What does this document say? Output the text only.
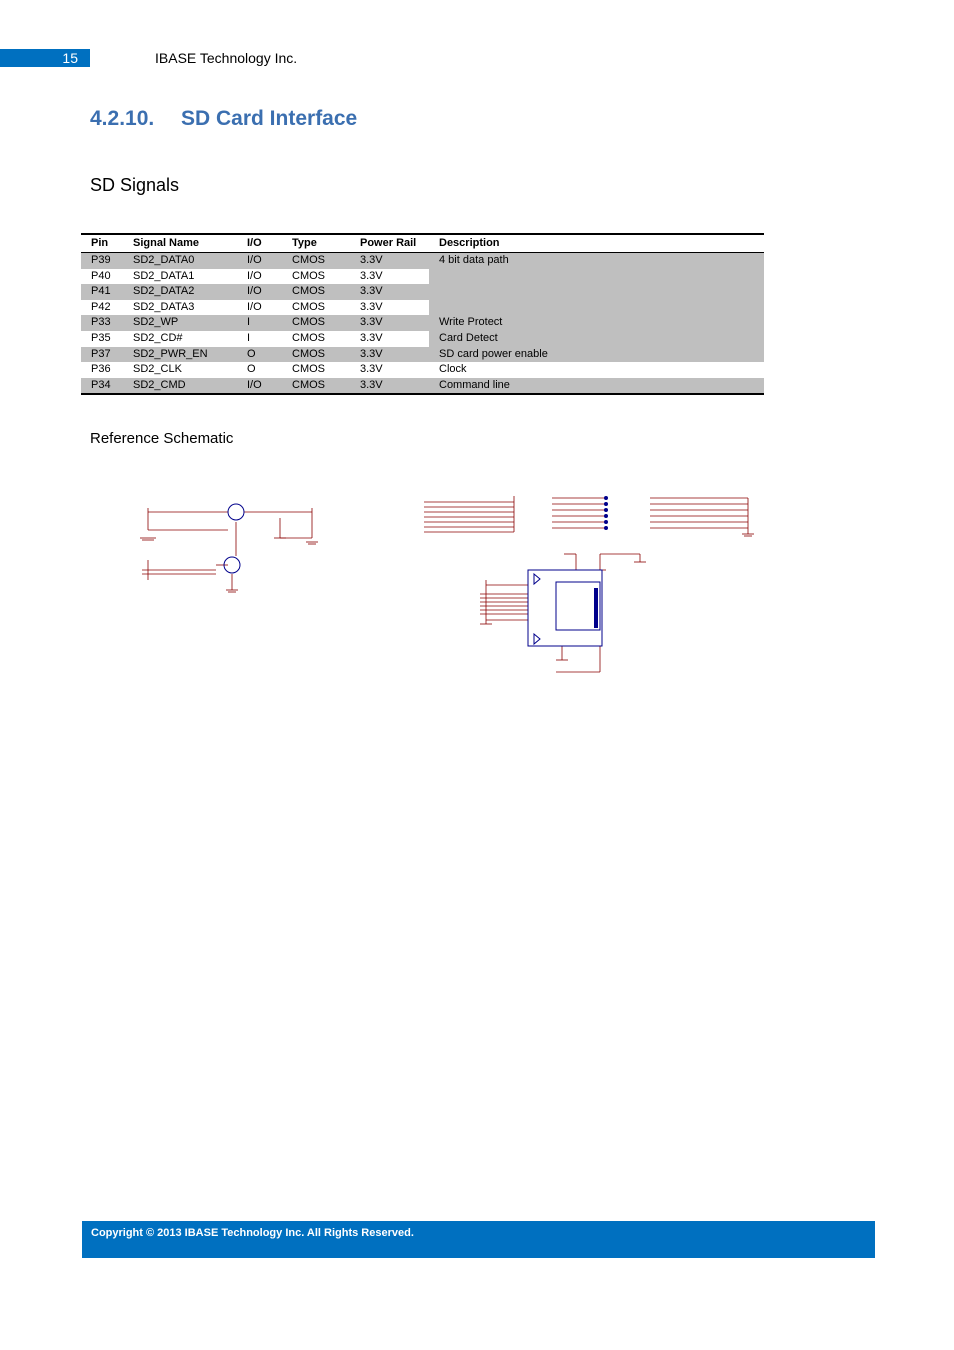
15	IBASE Technology Inc.
4.2.10. SD Card Interface
SD Signals
Pin	Signal Name	I/O	Type	Power Rail	Description
P39	SD2_DATA0	I/O	CMOS	3.3V	4 bit data path
P40	SD2_DATA1	I/O	CMOS	3.3V	
P41	SD2_DATA2	I/O	CMOS	3.3V	
P42	SD2_DATA3	I/O	CMOS	3.3V	
P33	SD2_WP	I	CMOS	3.3V	Write Protect
P35	SD2_CD#	I	CMOS	3.3V	Card Detect
P37	SD2_PWR_EN	O	CMOS	3.3V	SD card power enable
P36	SD2_CLK	O	CMOS	3.3V	Clock
P34	SD2_CMD	I/O	CMOS	3.3V	Command line
Reference Schematic
Copyright © 2013 IBASE Technology Inc. All Rights Reserved.
